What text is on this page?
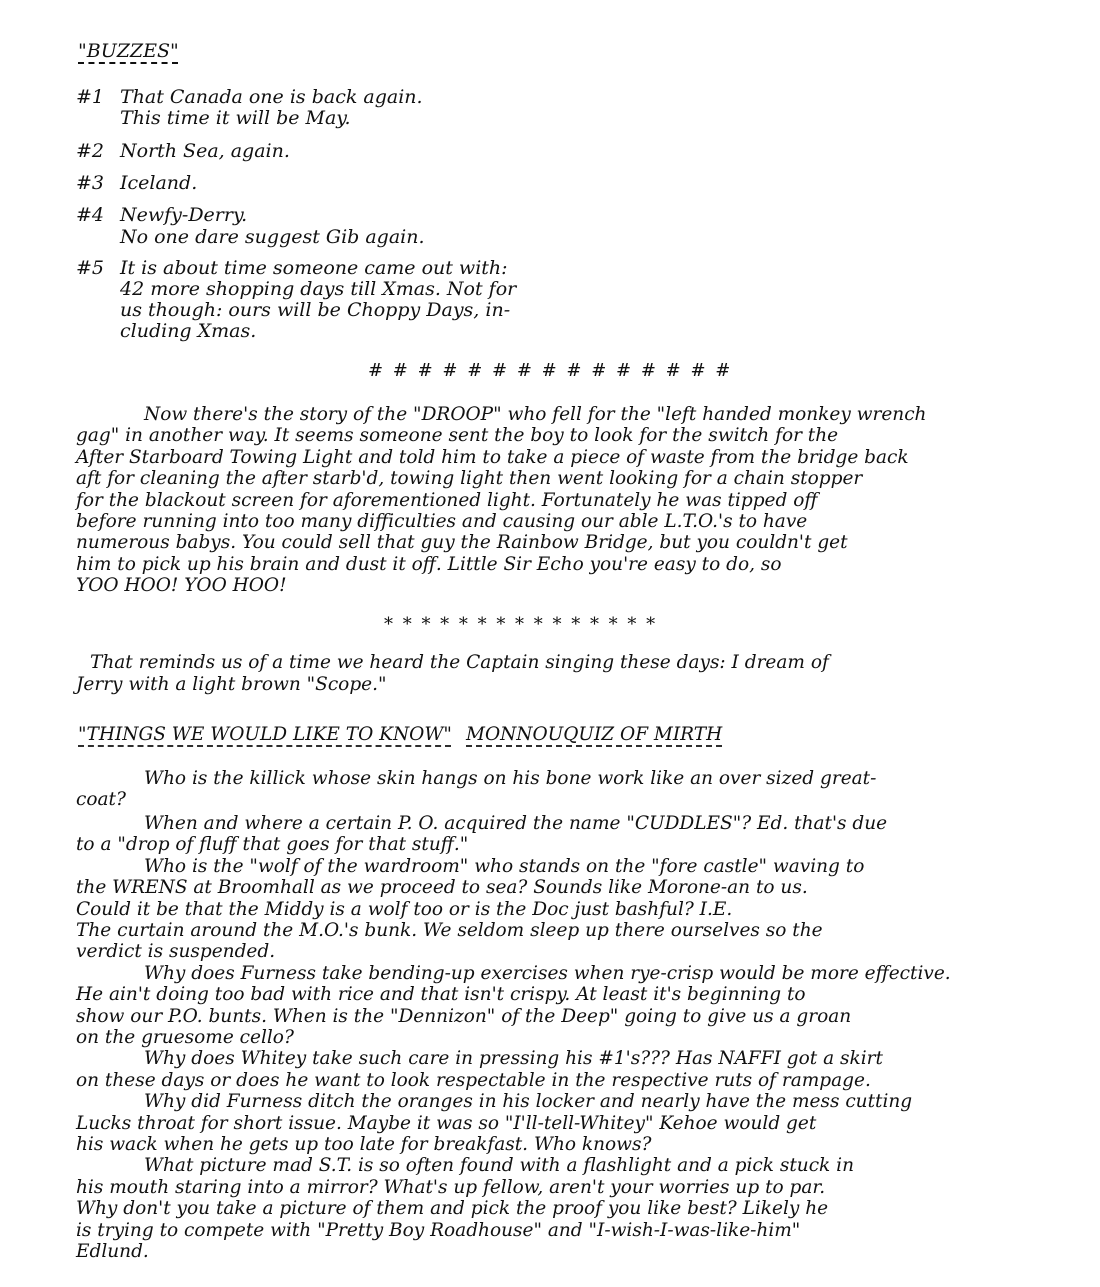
"BUZZES"
#1 That Canada one is back again.
This time it will be May.
#2 North Sea, again.
#3 Iceland.
#4 Newfy-Derry.
No one dare suggest Gib again.
#5 It is about time someone came out with:
42 more shopping days till Xmas. Not for
us though: ours will be Choppy Days, in-
cluding Xmas.
# # # # # # # # # # # # # # #
Now there's the story of the "DROOP" who fell for the "left handed monkey wrench
gag" in another way. It seems someone sent the boy to look for the switch for the
After Starboard Towing Light and told him to take a piece of waste from the bridge back
aft for cleaning the after starb'd, towing light then went looking for a chain stopper
for the blackout screen for aforementioned light. Fortunately he was tipped off
before running into too many difficulties and causing our able L.T.O.'s to have
numerous babys. You could sell that guy the Rainbow Bridge, but you couldn't get
him to pick up his brain and dust it off. Little Sir Echo you're easy to do, so
YOO HOO! YOO HOO!
* * * * * * * * * * * * * * *
That reminds us of a time we heard the Captain singing these days: I dream of
Jerry with a light brown "Scope."
"THINGS WE WOULD LIKE TO KNOW" MONNOUQUIZ OF MIRTH
Who is the killick whose skin hangs on his bone work like an over sized great-
coat?
When and where a certain P. O. acquired the name "CUDDLES"? Ed. that's due
to a "drop of fluff that goes for that stuff."
Who is the "wolf of the wardroom" who stands on the "fore castle" waving to
the WRENS at Broomhall as we proceed to sea? Sounds like Morone-an to us.
Could it be that the Middy is a wolf too or is the Doc just bashful? I.E.
The curtain around the M.O.'s bunk. We seldom sleep up there ourselves so the
verdict is suspended.
Why does Furness take bending-up exercises when rye-crisp would be more effective.
He ain't doing too bad with rice and that isn't crispy. At least it's beginning to
show our P.O. bunts. When is the "Dennizon" of the Deep" going to give us a groan
on the gruesome cello?
Why does Whitey take such care in pressing his #1's??? Has NAFFI got a skirt
on these days or does he want to look respectable in the respective ruts of rampage.
Why did Furness ditch the oranges in his locker and nearly have the mess cutting
Lucks throat for short issue. Maybe it was so "I'll-tell-Whitey" Kehoe would get
his wack when he gets up too late for breakfast. Who knows?
What picture mad S.T. is so often found with a flashlight and a pick stuck in
his mouth staring into a mirror? What's up fellow, aren't your worries up to par.
Why don't you take a picture of them and pick the proof you like best? Likely he
is trying to compete with "Pretty Boy Roadhouse" and "I-wish-I-was-like-him"
Edlund.
